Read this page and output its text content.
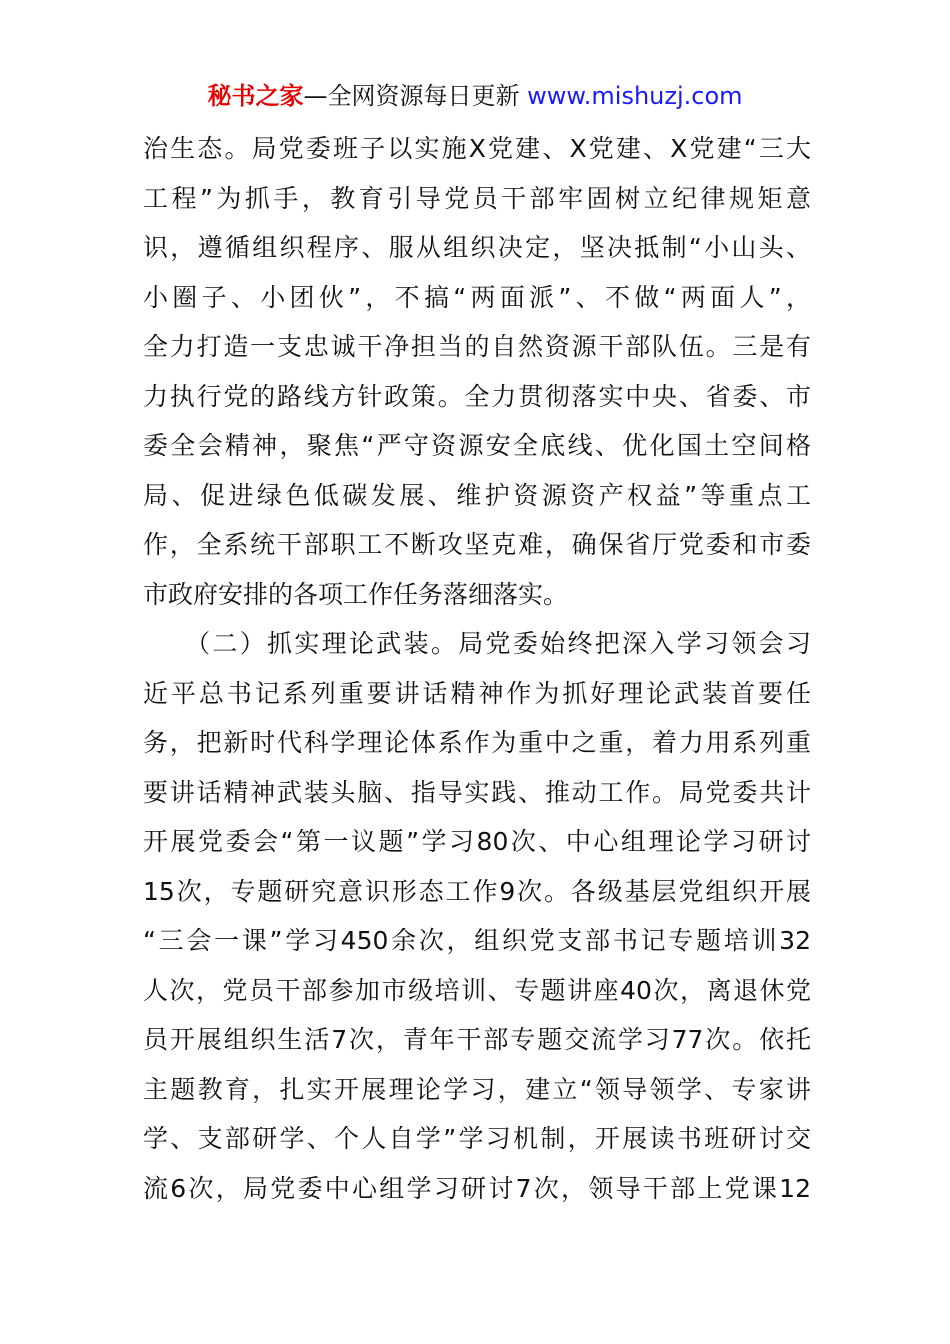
秘书之家—全网资源每日更新 www.mishuzj.com
治生态。局党委班子以实施X党建、X党建、X党建“三大
工程”为抓手，教育引导党员干部牢固树立纪律规矩意
识，遵循组织程序、服从组织决定，坚决抵制“小山头、
小圈子、小团伙”，不搞“两面派”、不做“两面人”，
全力打造一支忠诚干净担当的自然资源干部队伍。三是有
力执行党的路线方针政策。全力贯彻落实中央、省委、市
委全会精神，聚焦“严守资源安全底线、优化国土空间格
局、促进绿色低碳发展、维护资源资产权益”等重点工
作，全系统干部职工不断攻坚克难，确保省厅党委和市委
市政府安排的各项工作任务落细落实。
　　（二）抓实理论武装。局党委始终把深入学习领会习
近平总书记系列重要讲话精神作为抓好理论武装首要任
务，把新时代科学理论体系作为重中之重，着力用系列重
要讲话精神武装头脑、指导实践、推动工作。局党委共计
开展党委会“第一议题”学习80次、中心组理论学习研讨
15次，专题研究意识形态工作9次。各级基层党组织开展
“三会一课”学习450余次，组织党支部书记专题培训32
人次，党员干部参加市级培训、专题讲座40次，离退休党
员开展组织生活7次，青年干部专题交流学习77次。依托
主题教育，扎实开展理论学习，建立“领导领学、专家讲
学、支部研学、个人自学”学习机制，开展读书班研讨交
流6次，局党委中心组学习研讨7次，领导干部上党课12
